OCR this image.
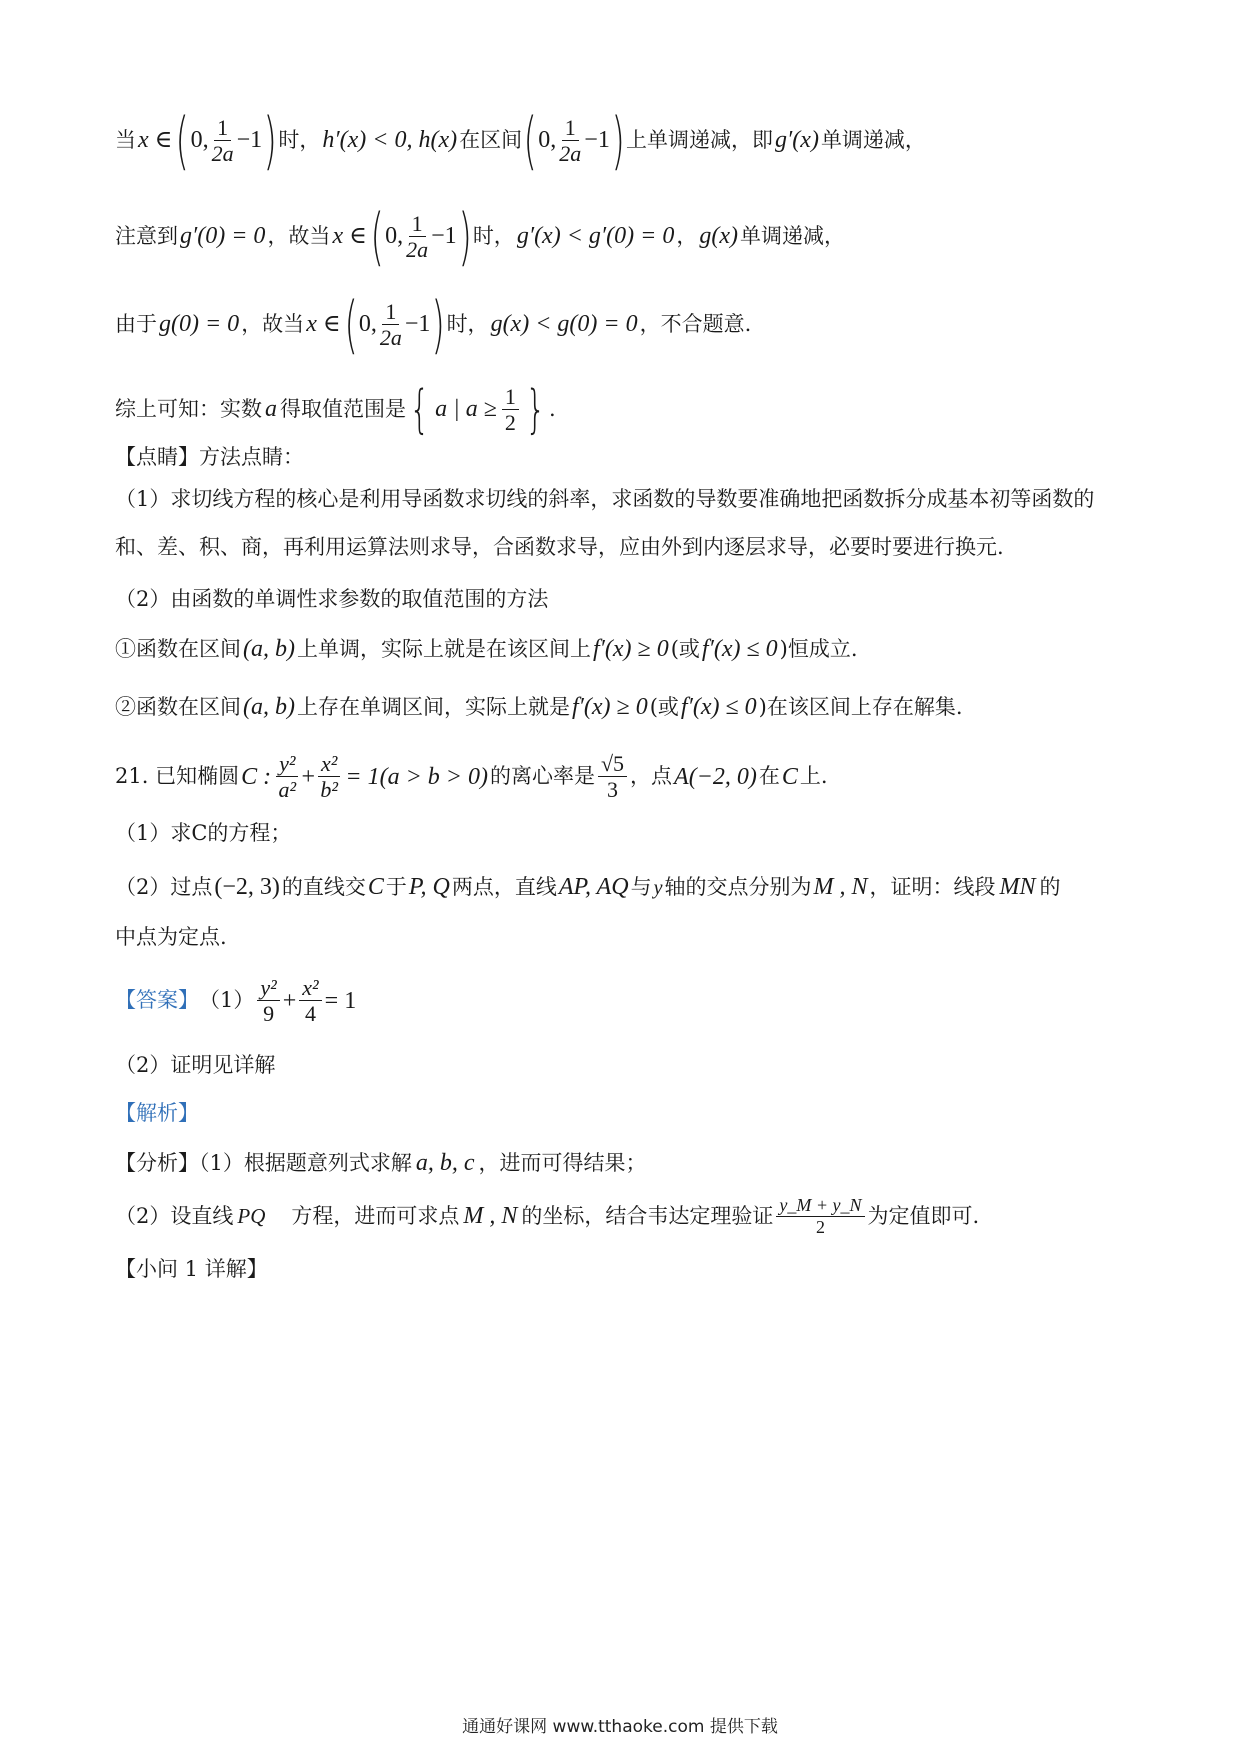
当 x ∈ ( 0, $\frac{1}{2a} -1$ ) 时， h′(x) < 0, h(x) 在区间 ( 0, $\frac{1}{2a} -1$ ) 上单调递减，即 g′(x) 单调递减，
注意到 g′(0) = 0 ，故当 x ∈ ( 0, $\frac{1}{2a} -1$ ) 时， g′(x) < g′(0) = 0 ， g(x) 单调递减，
由于 g(0) = 0 ，故当 x ∈ ( 0, $\frac{1}{2a} -1$ ) 时， g(x) < g(0) = 0 ，不合题意.
综上可知：实数 a 得取值范围是 { a | $a \ge \frac{1}{2}$ } .
【点睛】方法点睛：
（1）求切线方程的核心是利用导函数求切线的斜率，求函数的导数要准确地把函数拆分成基本初等函数的和、差、积、商，再利用运算法则求导，合函数求导，应由外到内逐层求导，必要时要进行换元.
（2）由函数的单调性求参数的取值范围的方法
①函数在区间 (a, b) 上单调，实际上就是在该区间上 f′(x) ≥ 0 (或 f′(x) ≤ 0 )恒成立.
②函数在区间 (a, b) 上存在单调区间，实际上就是 f′(x) ≥ 0 (或 f′(x) ≤ 0 )在该区间上存在解集.
21. 已知椭圆 C : $\frac{\text{y²}}{\text{a²}} + \frac{\text{x²}}{\text{b²}} = 1(a > b > 0)$ 的离心率是 $\frac{√5}{3}$ ，点 A(−2, 0) 在 C 上.
（1）求C的方程；
（2）过点 (−2, 3) 的直线交 C 于 P, Q 两点，直线 AP, AQ 与 y 轴的交点分别为 M , N ，证明：线段 MN 的
中点为定点.
【答案】 $(1) \frac{\text{y²}}{9} + \frac{\text{x²}}{4} = 1$
（2）证明见详解
【解析】
【分析】（1）根据题意列式求解 a, b, c ，进而可得结果；
（2）设直线 PQ 方程，进而可求点 M , N 的坐标，结合韦达定理验证 $\frac{y\_M + y\_N}{2}$ 为定值即可.
【小问 1 详解】
通通好课网 www.tthaoke.com 提供下载
